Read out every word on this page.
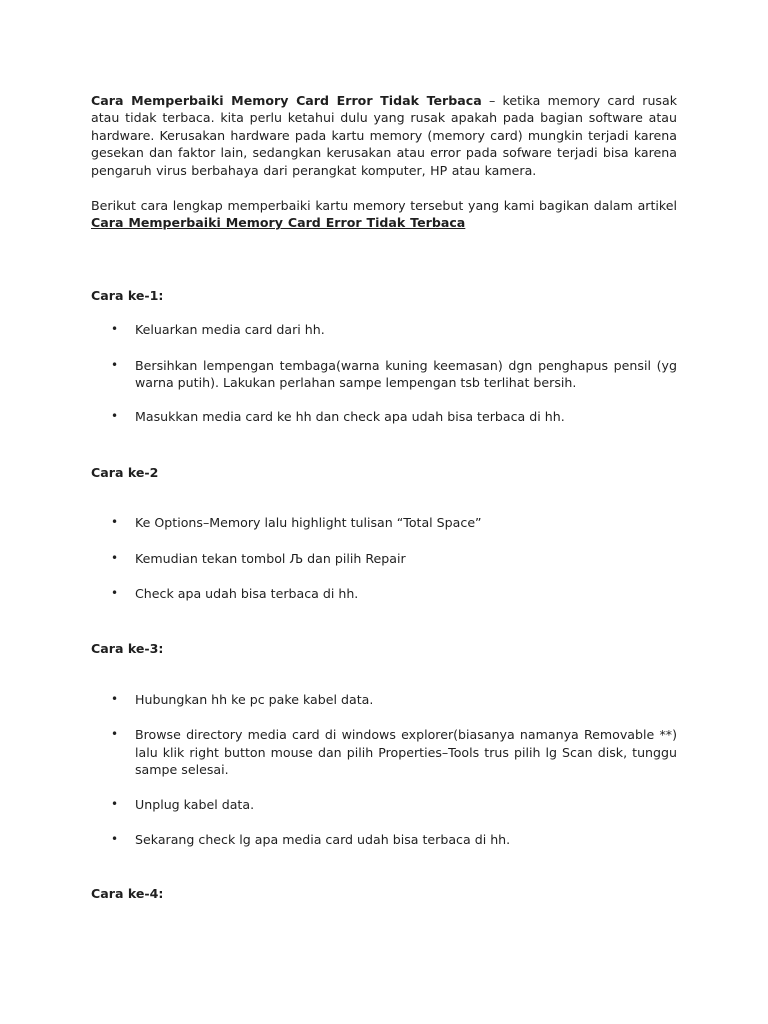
Cara Memperbaiki Memory Card Error Tidak Terbaca – ketika memory card rusak atau tidak terbaca. kita perlu ketahui dulu yang rusak apakah pada bagian software atau hardware. Kerusakan hardware pada kartu memory (memory card) mungkin terjadi karena gesekan dan faktor lain, sedangkan kerusakan atau error pada sofware terjadi bisa karena pengaruh virus berbahaya dari perangkat komputer, HP atau kamera.

Berikut cara lengkap memperbaiki kartu memory tersebut yang kami bagikan dalam artikel Cara Memperbaiki Memory Card Error Tidak Terbaca

Cara ke-1:

• Keluarkan media card dari hh.
• Bersihkan lempengan tembaga(warna kuning keemasan) dgn penghapus pensil (yg warna putih). Lakukan perlahan sampe lempengan tsb terlihat bersih.
• Masukkan media card ke hh dan check apa udah bisa terbaca di hh.

Cara ke-2

• Ke Options–Memory lalu highlight tulisan “Total Space”
• Kemudian tekan tombol Љ dan pilih Repair
• Check apa udah bisa terbaca di hh.

Cara ke-3:

• Hubungkan hh ke pc pake kabel data.
• Browse directory media card di windows explorer(biasanya namanya Removable **) lalu klik right button mouse dan pilih Properties–Tools trus pilih lg Scan disk, tunggu sampe selesai.
• Unplug kabel data.
• Sekarang check lg apa media card udah bisa terbaca di hh.

Cara ke-4:
